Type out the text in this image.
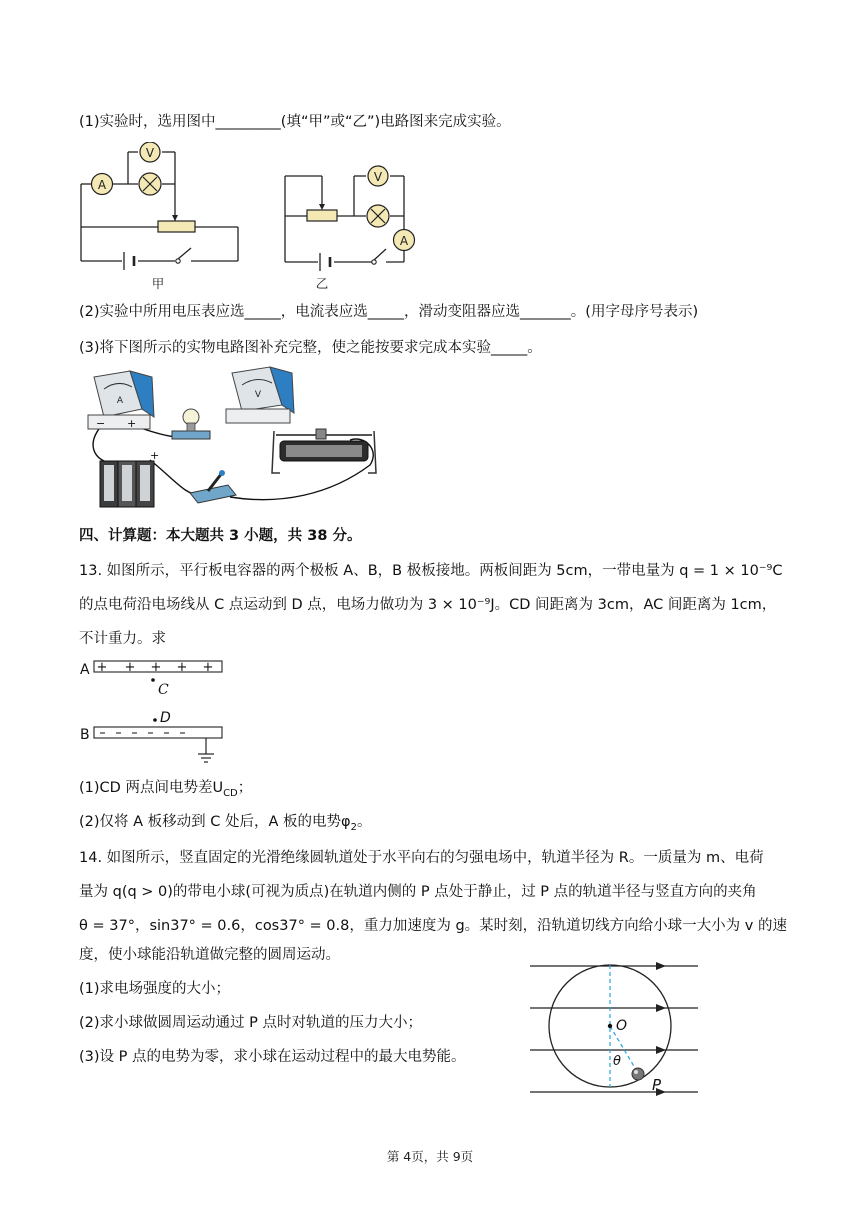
(1)实验时，选用图中_________(填“甲”或“乙”)电路图来完成实验。
A
V
甲
V
A
乙
(2)实验中所用电压表应选_____，电流表应选_____，滑动变阻器应选_______。(用字母序号表示)
(3)将下图所示的实物电路图补充完整，使之能按要求完成本实验_____。
A
− +
V
+
四、计算题：本大题共 3 小题，共 38 分。
13. 如图所示，平行板电容器的两个极板 A、B，B 极板接地。两板间距为 5cm，一带电量为 q = 1 × 10⁻⁹C
的点电荷沿电场线从 C 点运动到 D 点，电场力做功为 3 × 10⁻⁹J。CD 间距离为 3cm，AC 间距离为 1cm，
不计重力。求
A + + + + +
C
D
B
(1)CD 两点间电势差$U_{CD}$；
(2)仅将 A 板移动到 C 处后，A 板的电势$\varphi_2$。
14. 如图所示，竖直固定的光滑绝缘圆轨道处于水平向右的匀强电场中，轨道半径为 R。一质量为 m、电荷
量为 q(q > 0)的带电小球(可视为质点)在轨道内侧的 P 点处于静止，过 P 点的轨道半径与竖直方向的夹角
θ = 37°，sin37° = 0.6，cos37° = 0.8，重力加速度为 g。某时刻，沿轨道切线方向给小球一大小为 v 的速
度，使小球能沿轨道做完整的圆周运动。
(1)求电场强度的大小；
(2)求小球做圆周运动通过 P 点时对轨道的压力大小；
(3)设 P 点的电势为零，求小球在运动过程中的最大电势能。
O
θ
P
第 4页，共 9页
